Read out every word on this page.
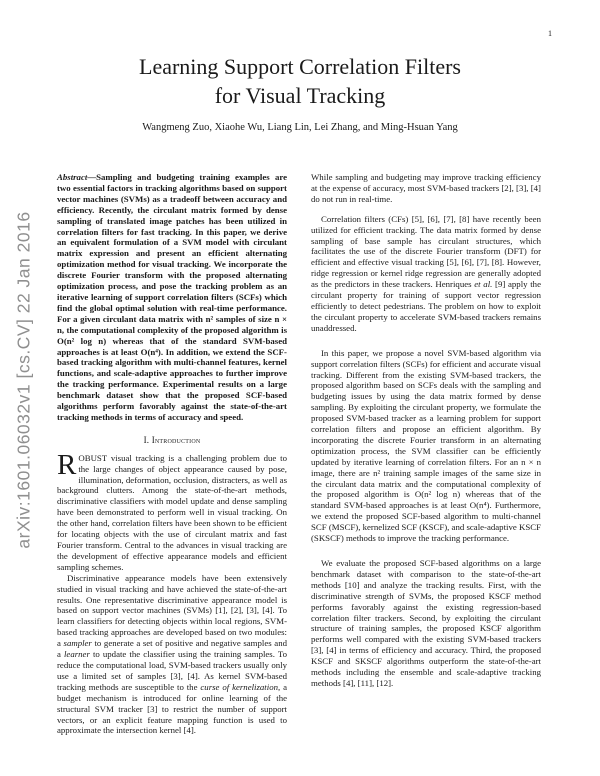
1
arXiv:1601.06032v1 [cs.CV] 22 Jan 2016
Learning Support Correlation Filters
for Visual Tracking
Wangmeng Zuo, Xiaohe Wu, Liang Lin, Lei Zhang, and Ming-Hsuan Yang

Abstract—Sampling and budgeting training examples are two essential factors in tracking algorithms based on support vector machines (SVMs) as a tradeoff between accuracy and efficiency. Recently, the circulant matrix formed by dense sampling of translated image patches has been utilized in correlation filters for fast tracking. In this paper, we derive an equivalent formulation of a SVM model with circulant matrix expression and present an efficient alternating optimization method for visual tracking. We incorporate the discrete Fourier transform with the proposed alternating optimization process, and pose the tracking problem as an iterative learning of support correlation filters (SCFs) which find the global optimal solution with real-time performance. For a given circulant data matrix with n² samples of size n × n, the computational complexity of the proposed algorithm is O(n² log n) whereas that of the standard SVM-based approaches is at least O(n⁴). In addition, we extend the SCF-based tracking algorithm with multi-channel features, kernel functions, and scale-adaptive approaches to further improve the tracking performance. Experimental results on a large benchmark dataset show that the proposed SCF-based algorithms perform favorably against the state-of-the-art tracking methods in terms of accuracy and speed.

I. Introduction

ROBUST visual tracking is a challenging problem due to the large changes of object appearance caused by pose, illumination, deformation, occlusion, distracters, as well as background clutters. Among the state-of-the-art methods, discriminative classifiers with model update and dense sampling have been demonstrated to perform well in visual tracking. On the other hand, correlation filters have been shown to be efficient for locating objects with the use of circulant matrix and fast Fourier transform. Central to the advances in visual tracking are the development of effective appearance models and efficient sampling schemes.

Discriminative appearance models have been extensively studied in visual tracking and have achieved the state-of-the-art results. One representative discriminative appearance model is based on support vector machines (SVMs) [1], [2], [3], [4]. To learn classifiers for detecting objects within local regions, SVM-based tracking approaches are developed based on two modules: a sampler to generate a set of positive and negative samples and a learner to update the classifier using the training samples. To reduce the computational load, SVM-based trackers usually only use a limited set of samples [3], [4]. As kernel SVM-based tracking methods are susceptible to the curse of kernelization, a budget mechanism is introduced for online learning of the structural SVM tracker [3] to restrict the number of support vectors, or an explicit feature mapping function is used to approximate the intersection kernel [4].

While sampling and budgeting may improve tracking efficiency at the expense of accuracy, most SVM-based trackers [2], [3], [4] do not run in real-time.

Correlation filters (CFs) [5], [6], [7], [8] have recently been utilized for efficient tracking. The data matrix formed by dense sampling of base sample has circulant structures, which facilitates the use of the discrete Fourier transform (DFT) for efficient and effective visual tracking [5], [6], [7], [8]. However, ridge regression or kernel ridge regression are generally adopted as the predictors in these trackers. Henriques et al. [9] apply the circulant property for training of support vector regression efficiently to detect pedestrians. The problem on how to exploit the circulant property to accelerate SVM-based trackers remains unaddressed.

In this paper, we propose a novel SVM-based algorithm via support correlation filters (SCFs) for efficient and accurate visual tracking. Different from the existing SVM-based trackers, the proposed algorithm based on SCFs deals with the sampling and budgeting issues by using the data matrix formed by dense sampling. By exploiting the circulant property, we formulate the proposed SVM-based tracker as a learning problem for support correlation filters and propose an efficient algorithm. By incorporating the discrete Fourier transform in an alternating optimization process, the SVM classifier can be efficiently updated by iterative learning of correlation filters. For an n × n image, there are n² training sample images of the same size in the circulant data matrix and the computational complexity of the proposed algorithm is O(n² log n) whereas that of the standard SVM-based approaches is at least O(n⁴). Furthermore, we extend the proposed SCF-based algorithm to multi-channel SCF (MSCF), kernelized SCF (KSCF), and scale-adaptive KSCF (SKSCF) methods to improve the tracking performance.

We evaluate the proposed SCF-based algorithms on a large benchmark dataset with comparison to the state-of-the-art methods [10] and analyze the tracking results. First, with the discriminative strength of SVMs, the proposed KSCF method performs favorably against the existing regression-based correlation filter trackers. Second, by exploiting the circulant structure of training samples, the proposed KSCF algorithm performs well compared with the existing SVM-based trackers [3], [4] in terms of efficiency and accuracy. Third, the proposed KSCF and SKSCF algorithms outperform the state-of-the-art methods including the ensemble and scale-adaptive tracking methods [4], [11], [12].
